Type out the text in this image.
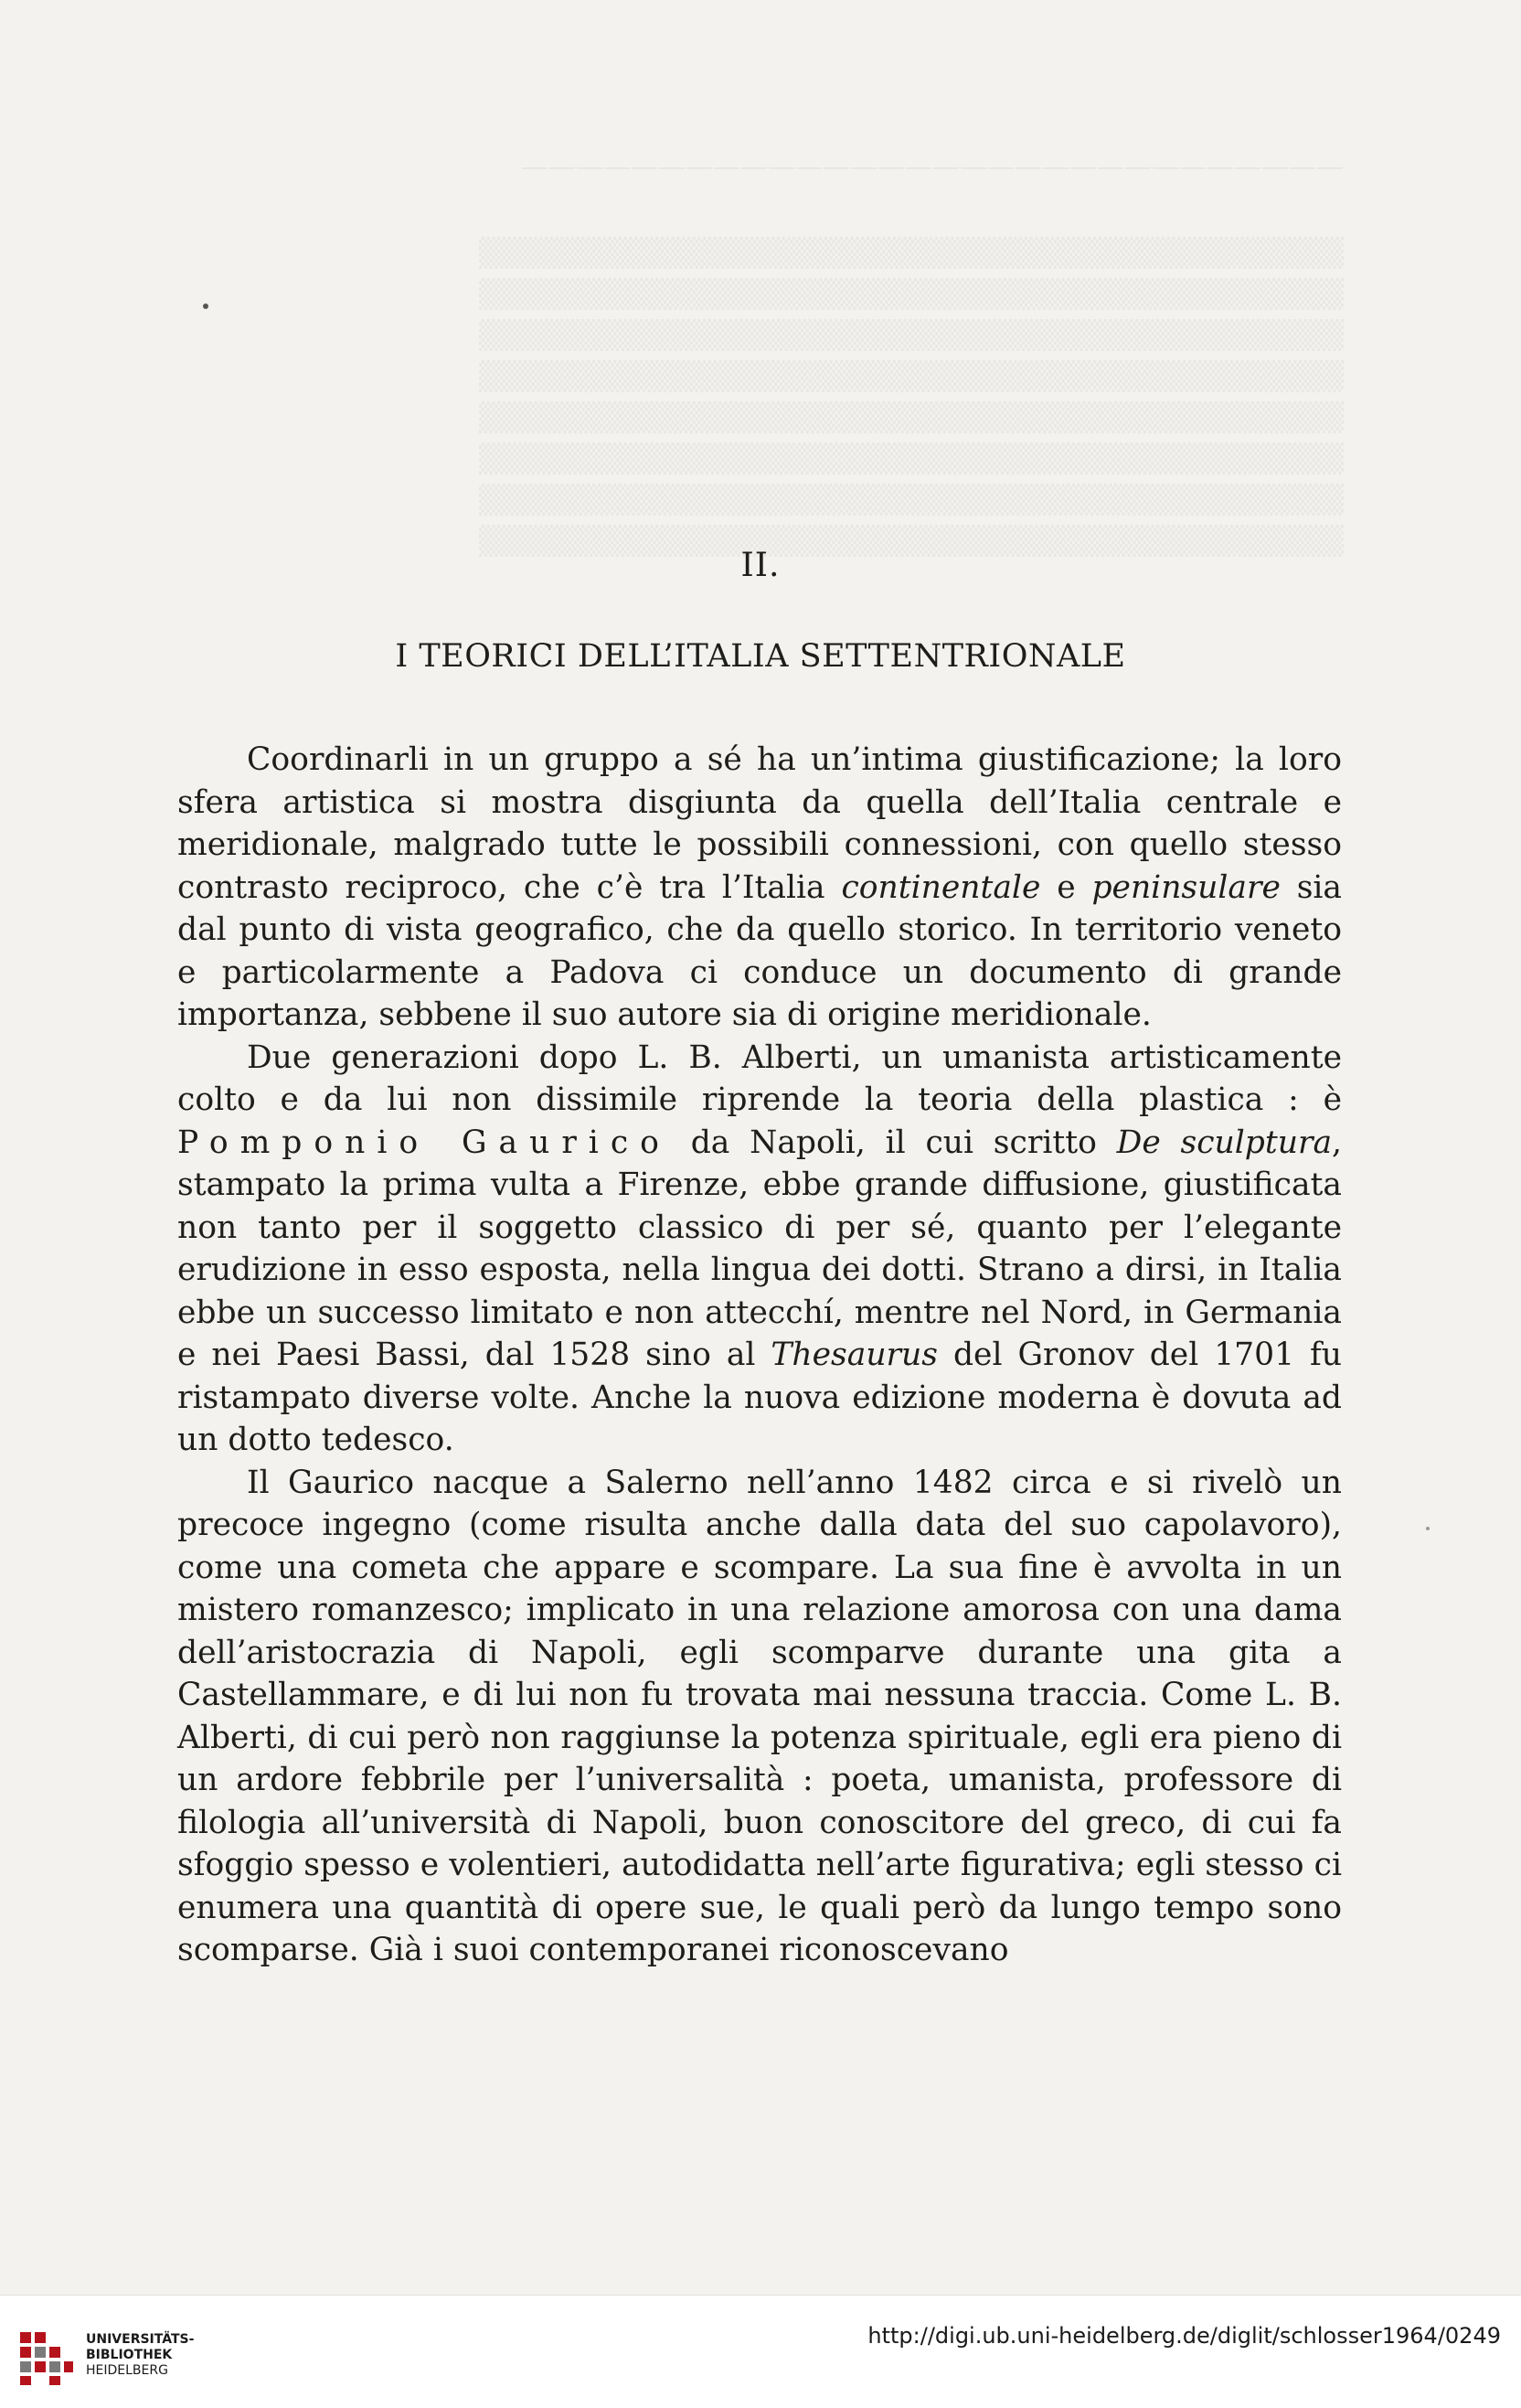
——————————————————————————————
▒▒▒▒▒▒▒▒▒▒▒▒▒▒▒▒▒▒▒▒▒▒▒▒▒▒▒▒▒▒▒▒▒▒▒▒▒▒▒▒▒
▒▒▒▒▒▒▒▒▒▒▒▒▒▒▒▒▒▒▒▒▒▒▒▒▒▒▒▒▒▒▒▒▒▒▒▒▒▒▒▒▒
▒▒▒▒▒▒▒▒▒▒▒▒▒▒▒▒▒▒▒▒▒▒▒▒▒▒▒▒▒▒▒▒▒▒▒▒▒▒▒▒▒
▒▒▒▒▒▒▒▒▒▒▒▒▒▒▒▒▒▒▒▒▒▒▒▒▒▒▒▒▒▒▒▒▒▒▒▒▒▒▒▒▒
▒▒▒▒▒▒▒▒▒▒▒▒▒▒▒▒▒▒▒▒▒▒▒▒▒▒▒▒▒▒▒▒▒▒▒▒▒▒▒▒▒
▒▒▒▒▒▒▒▒▒▒▒▒▒▒▒▒▒▒▒▒▒▒▒▒▒▒▒▒▒▒▒▒▒▒▒▒▒▒▒▒▒
▒▒▒▒▒▒▒▒▒▒▒▒▒▒▒▒▒▒▒▒▒▒▒▒▒▒▒▒▒▒▒▒▒▒▒▒▒▒▒▒▒
▒▒▒▒▒▒▒▒▒▒▒▒▒▒▒▒▒▒▒▒▒▒▒▒▒▒▒▒▒▒▒▒▒▒▒▒▒▒▒▒▒
II.
I TEORICI DELL’ITALIA SETTENTRIONALE

Coordinarli in un gruppo a sé ha un’intima giustificazione; la loro sfera artistica si mostra disgiunta da quella dell’Italia centrale e meridionale, malgrado tutte le possibili connessioni, con quello stesso contrasto reciproco, che c’è tra l’Italia continentale e peninsulare sia dal punto di vista geografico, che da quello storico. In territorio veneto e particolarmente a Padova ci conduce un documento di grande importanza, sebbene il suo autore sia di origine meridionale.

Due generazioni dopo L. B. Alberti, un umanista artisticamente colto e da lui non dissimile riprende la teoria della plastica : è Pomponio Gaurico da Napoli, il cui scritto De sculptura, stampato la prima vulta a Firenze, ebbe grande diffusione, giustificata non tanto per il soggetto classico di per sé, quanto per l’elegante erudizione in esso esposta, nella lingua dei dotti. Strano a dirsi, in Italia ebbe un successo limitato e non attecchí, mentre nel Nord, in Germania e nei Paesi Bassi, dal 1528 sino al Thesaurus del Gronov del 1701 fu ristampato diverse volte. Anche la nuova edizione moderna è dovuta ad un dotto tedesco.

Il Gaurico nacque a Salerno nell’anno 1482 circa e si rivelò un precoce ingegno (come risulta anche dalla data del suo capolavoro), come una cometa che appare e scompare. La sua fine è avvolta in un mistero romanzesco; implicato in una relazione amorosa con una dama dell’aristocrazia di Napoli, egli scomparve durante una gita a Castellammare, e di lui non fu trovata mai nessuna traccia. Come L. B. Alberti, di cui però non raggiunse la potenza spirituale, egli era pieno di un ardore febbrile per l’universalità : poeta, umanista, professore di filologia all’università di Napoli, buon conoscitore del greco, di cui fa sfoggio spesso e volentieri, autodidatta nell’arte figurativa; egli stesso ci enumera una quantità di opere sue, le quali però da lungo tempo sono scomparse. Già i suoi contemporanei riconoscevano

UNIVERSITÄTS-
BIBLIOTHEK
HEIDELBERG
http://digi.ub.uni-heidelberg.de/diglit/schlosser1964/0249
